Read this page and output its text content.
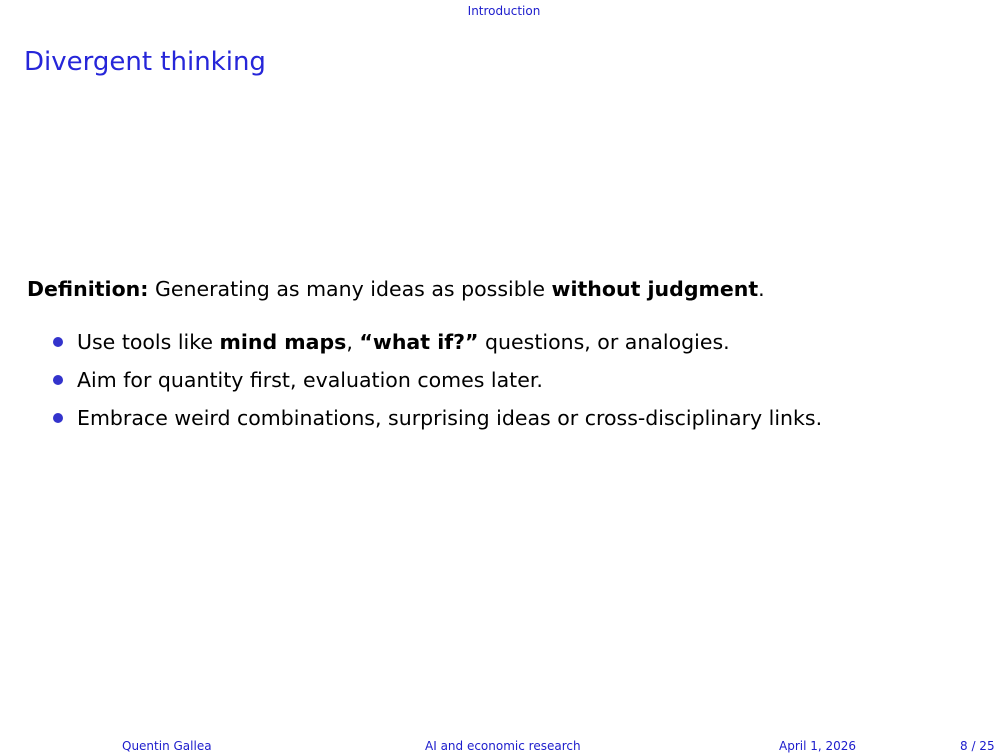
Introduction
Divergent thinking
Definition: Generating as many ideas as possible without judgment.
Use tools like mind maps, “what if?” questions, or analogies.
Aim for quantity first, evaluation comes later.
Embrace weird combinations, surprising ideas or cross-disciplinary links.
Quentin Gallea	AI and economic research	April 1, 2026	8 / 25
